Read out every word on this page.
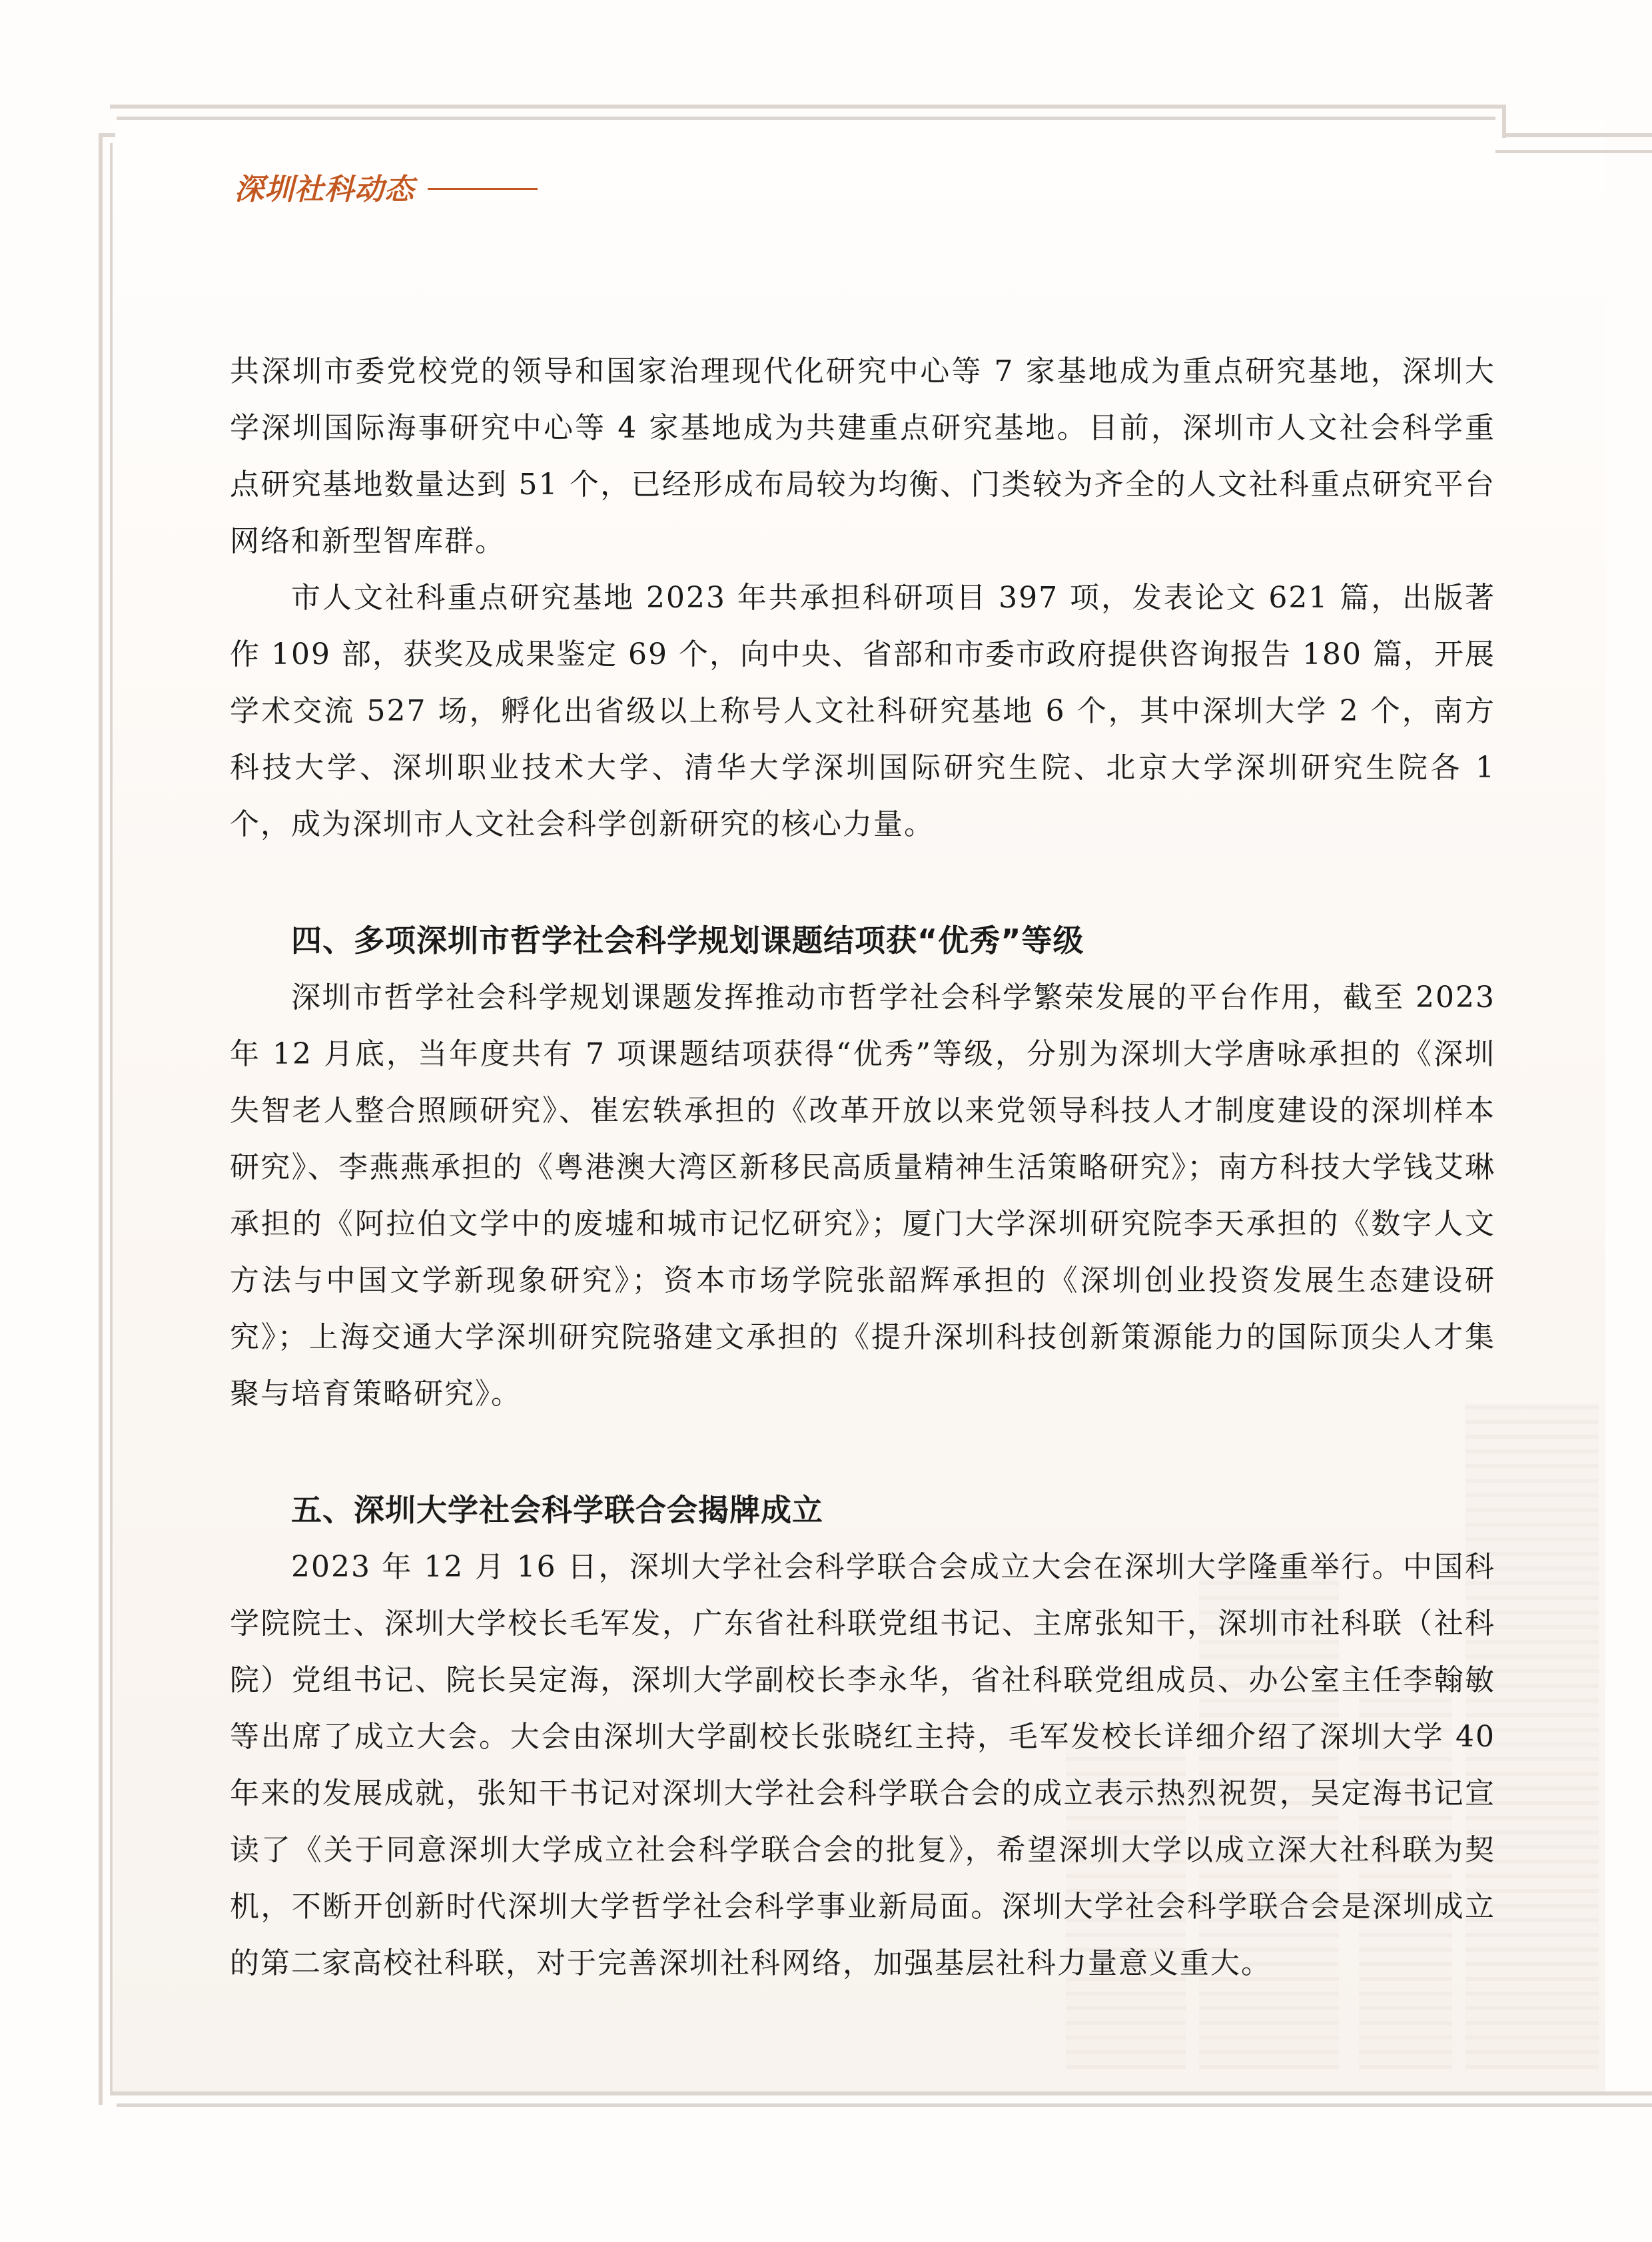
深圳社科动态

共深圳市委党校党的领导和国家治理现代化研究中心等 7 家基地成为重点研究基地，深圳大学深圳国际海事研究中心等 4 家基地成为共建重点研究基地。目前，深圳市人文社会科学重点研究基地数量达到 51 个，已经形成布局较为均衡、门类较为齐全的人文社科重点研究平台网络和新型智库群。

市人文社科重点研究基地 2023 年共承担科研项目 397 项，发表论文 621 篇，出版著作 109 部，获奖及成果鉴定 69 个，向中央、省部和市委市政府提供咨询报告 180 篇，开展学术交流 527 场，孵化出省级以上称号人文社科研究基地 6 个，其中深圳大学 2 个，南方科技大学、深圳职业技术大学、清华大学深圳国际研究生院、北京大学深圳研究生院各 1 个，成为深圳市人文社会科学创新研究的核心力量。

四、多项深圳市哲学社会科学规划课题结项获“优秀”等级

深圳市哲学社会科学规划课题发挥推动市哲学社会科学繁荣发展的平台作用，截至 2023 年 12 月底，当年度共有 7 项课题结项获得“优秀”等级，分别为深圳大学唐咏承担的《深圳失智老人整合照顾研究》、崔宏轶承担的《改革开放以来党领导科技人才制度建设的深圳样本研究》、李燕燕承担的《粤港澳大湾区新移民高质量精神生活策略研究》；南方科技大学钱艾琳承担的《阿拉伯文学中的废墟和城市记忆研究》；厦门大学深圳研究院李天承担的《数字人文方法与中国文学新现象研究》；资本市场学院张韶辉承担的《深圳创业投资发展生态建设研究》；上海交通大学深圳研究院骆建文承担的《提升深圳科技创新策源能力的国际顶尖人才集聚与培育策略研究》。

五、深圳大学社会科学联合会揭牌成立

2023 年 12 月 16 日，深圳大学社会科学联合会成立大会在深圳大学隆重举行。中国科学院院士、深圳大学校长毛军发，广东省社科联党组书记、主席张知干，深圳市社科联（社科院）党组书记、院长吴定海，深圳大学副校长李永华，省社科联党组成员、办公室主任李翰敏等出席了成立大会。大会由深圳大学副校长张晓红主持，毛军发校长详细介绍了深圳大学 40 年来的发展成就，张知干书记对深圳大学社会科学联合会的成立表示热烈祝贺，吴定海书记宣读了《关于同意深圳大学成立社会科学联合会的批复》，希望深圳大学以成立深大社科联为契机，不断开创新时代深圳大学哲学社会科学事业新局面。深圳大学社会科学联合会是深圳成立的第二家高校社科联，对于完善深圳社科网络，加强基层社科力量意义重大。
